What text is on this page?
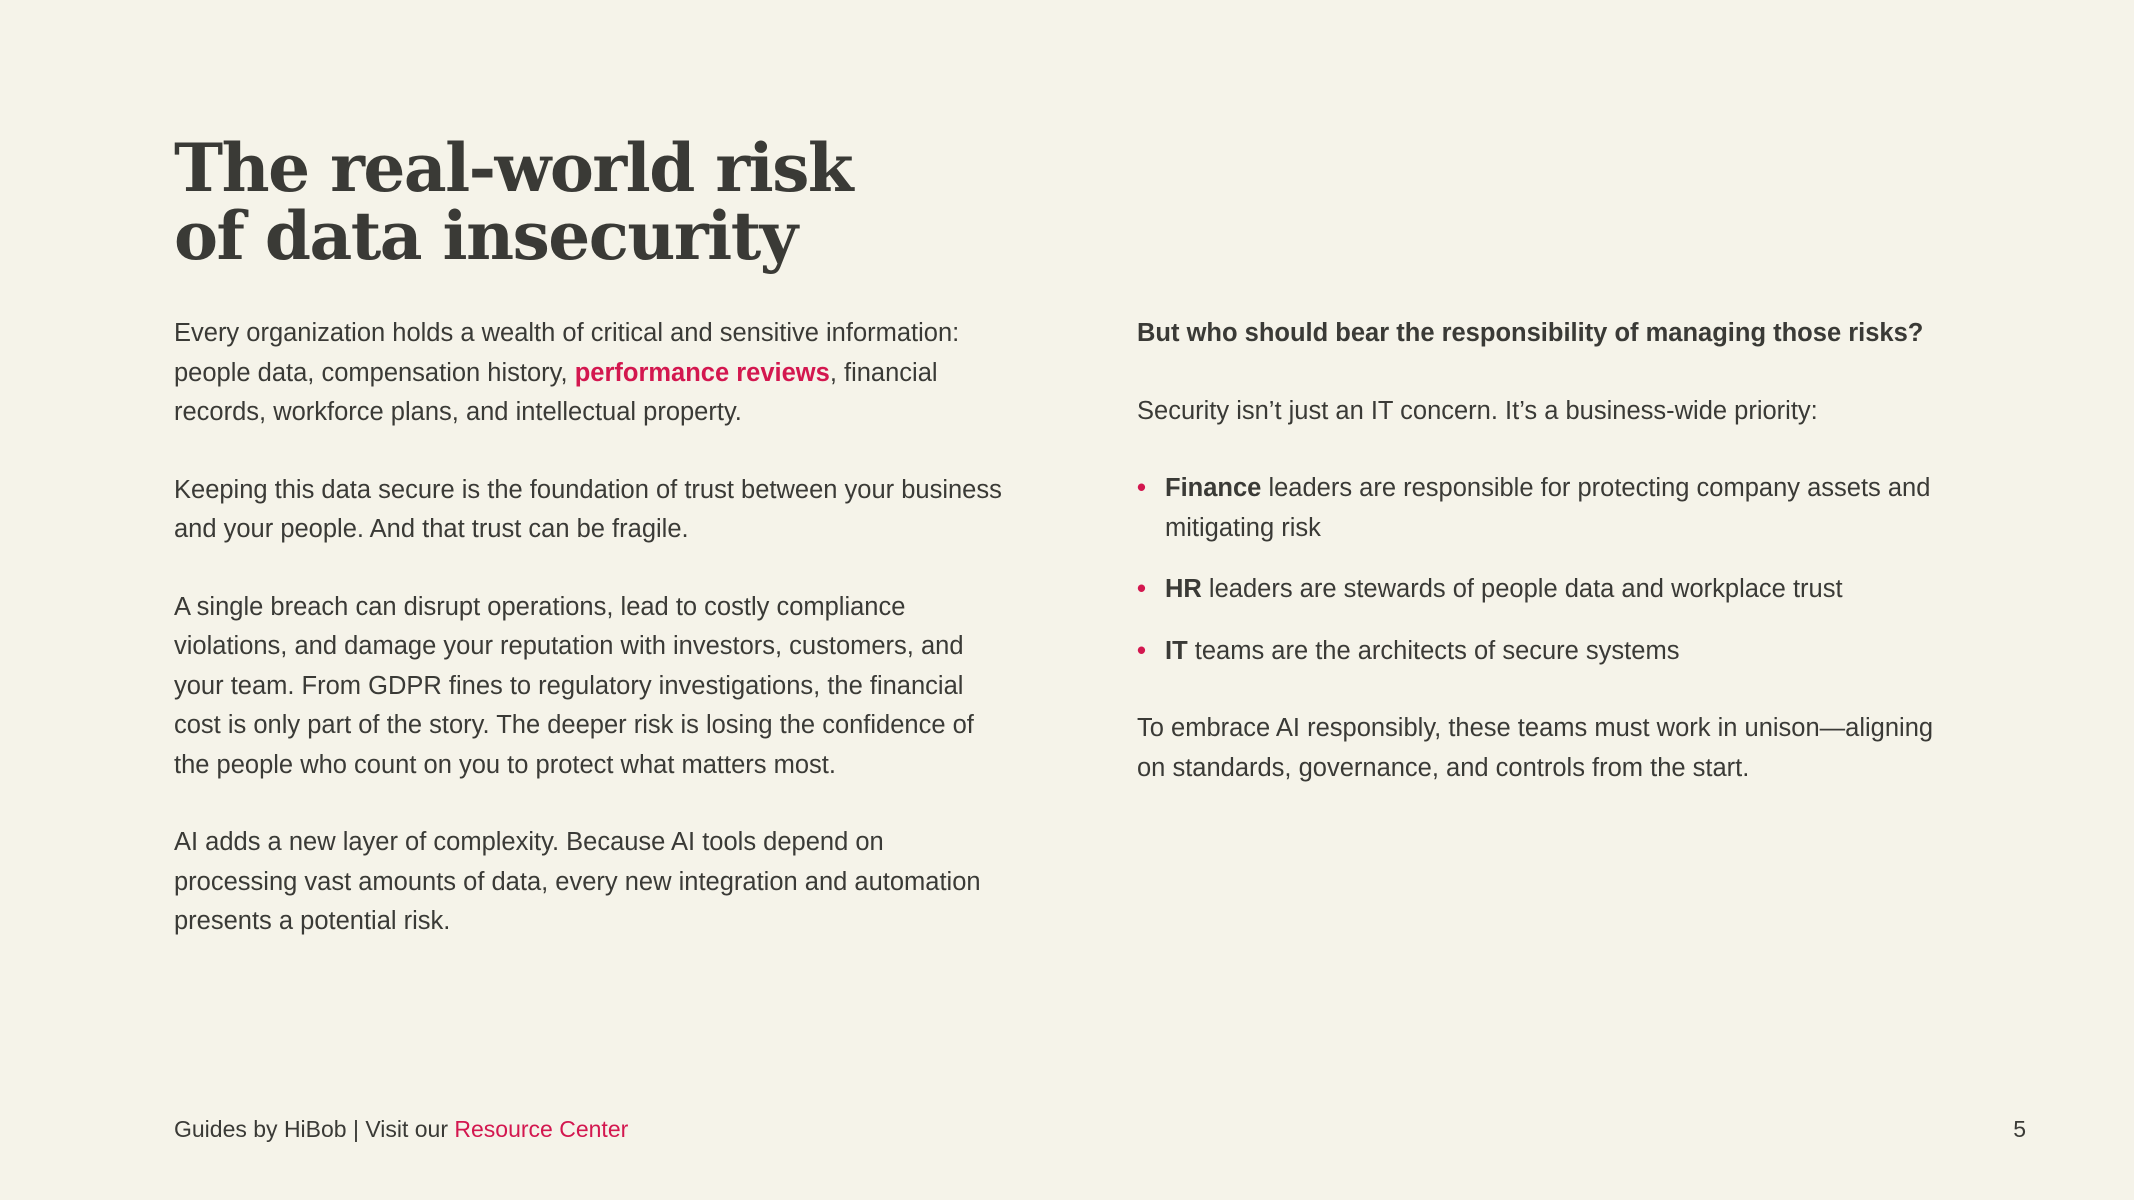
The real-world risk
of data insecurity

Every organization holds a wealth of critical and sensitive information: people data, compensation history, performance reviews, financial records, workforce plans, and intellectual property.

Keeping this data secure is the foundation of trust between your business and your people. And that trust can be fragile.

A single breach can disrupt operations, lead to costly compliance violations, and damage your reputation with investors, customers, and your team. From GDPR fines to regulatory investigations, the financial cost is only part of the story. The deeper risk is losing the confidence of the people who count on you to protect what matters most.

AI adds a new layer of complexity. Because AI tools depend on processing vast amounts of data, every new integration and automation presents a potential risk.

But who should bear the responsibility of managing those risks?

Security isn’t just an IT concern. It’s a business-wide priority:

• Finance leaders are responsible for protecting company assets and mitigating risk
• HR leaders are stewards of people data and workplace trust
• IT teams are the architects of secure systems

To embrace AI responsibly, these teams must work in unison—aligning on standards, governance, and controls from the start.

Guides by HiBob | Visit our Resource Center	5
